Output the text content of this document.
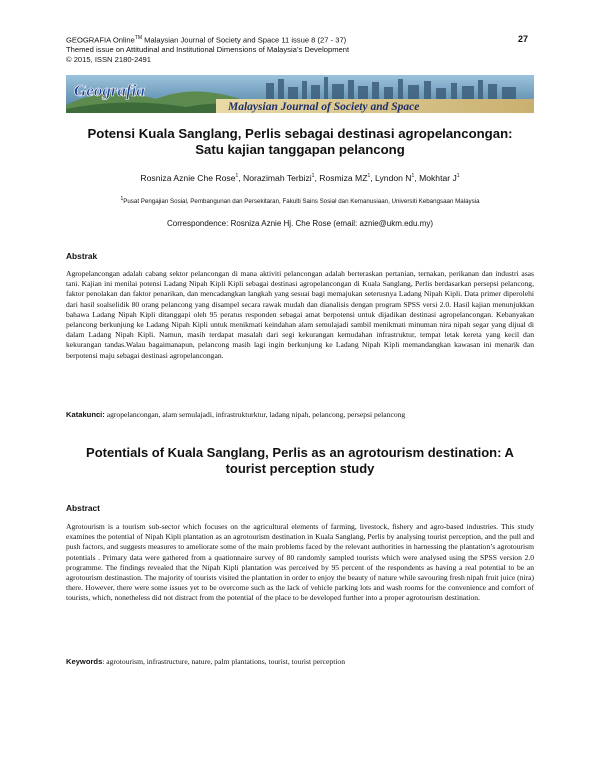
GEOGRAFIA Online™ Malaysian Journal of Society and Space 11 issue 8 (27 - 37)
Themed issue on Attitudinal and Institutional Dimensions of Malaysia’s Development
© 2015, ISSN 2180-2491
27
Geografia
Malaysian Journal of Society and Space
Potensi Kuala Sanglang, Perlis sebagai destinasi agropelancongan:
Satu kajian tanggapan pelancong
Rosniza Aznie Che Rose$^1$, Norazimah Terbizi$^1$, Rosmiza $MZ^1$, Lyndon $N^1$, Mokhtar $J^1$
$^1$Pusat Pengajian Sosial, Pembangunan dan Persekitaran, Fakulti Sains Sosial dan Kemanusiaan, Universiti Kebangsaan Malaysia
Correspondence: Rosniza Aznie Hj. Che Rose (email: aznie@ukm.edu.my)
Abstrak
Agropelancongan adalah cabang sektor pelancongan di mana aktiviti pelancongan adalah berteraskan pertanian, ternakan, perikanan dan industri asas tani. Kajian ini menilai potensi Ladang Nipah Kipli Kipli sebagai destinasi agropelancongan di Kuala Sanglang, Perlis berdasarkan persepsi pelancong, faktor penolakan dan faktor penarikan, dan mencadangkan langkah yang sesuai bagi memajukan seterusnya Ladang Nipah Kipli. Data primer diperolehi dari hasil soalselidik 80 orang pelancong yang disampel secara rawak mudah dan dianalisis dengan program SPSS versi 2.0. Hasil kajian menunjukkan bahawa Ladang Nipah Kipli ditanggapi oleh 95 peratus responden sebagai amat berpotensi untuk dijadikan destinasi agropelancongan. Kebanyakan pelancong berkunjung ke Ladang Nipah Kipli untuk menikmati keindahan alam semulajadi sambil menikmati minuman nira nipah segar yang dijual di dalam Ladang Nipah Kipli. Namun, masih terdapat masalah dari segi kekurangan kemudahan infrastruktur, tempat letak kereta yang kecil dan kekurangan tandas.Walau bagaimanapun, pelancong masih lagi ingin berkunjung ke Ladang Nipah Kipli memandangkan kawasan ini menarik dan berpotensi maju sebagai destinasi agropelancongan.
Katakunci: agropelancongan, alam semulajadi, infrastrukturktur, ladang nipah, pelancong, persepsi pelancong
Potentials of Kuala Sanglang, Perlis as an agrotourism destination: A
tourist perception study
Abstract
Agrotourism is a tourism sub-sector which focuses on the agricultural elements of farming, livestock, fishery and agro-based industries. This study examines the potential of Nipah Kipli plantation as an agrotourism destination in Kuala Sanglang, Perlis by analysing tourist perception, and the pull and push factors, and suggests measures to ameliorate some of the main problems faced by the relevant authorities in harnessing the plantation’s agrotourism potentials . Primary data were gathered from a quationnaire survey of 80 randomly sampled tourists which were analysed using the SPSS version 2.0 programme. The findings revealed that the Nipah Kipli plantation was perceived by 95 percent of the respondents as having a real potential to be an agrotourism destinastion. The majority of tourists visited the plantation in order to enjoy the beauty of nature while savouring fresh nipah fruit juice (nira) there. However, there were some issues yet to be overcome such as the lack of vehicle parking lots and wash rooms for the convenience and comfort of tourists, which, nonetheless did not distract from the potential of the place to be developed further into a proper agrotourism destination.
Keywords: agrotourism, infrastructure, nature, palm plantations, tourist, tourist perception
